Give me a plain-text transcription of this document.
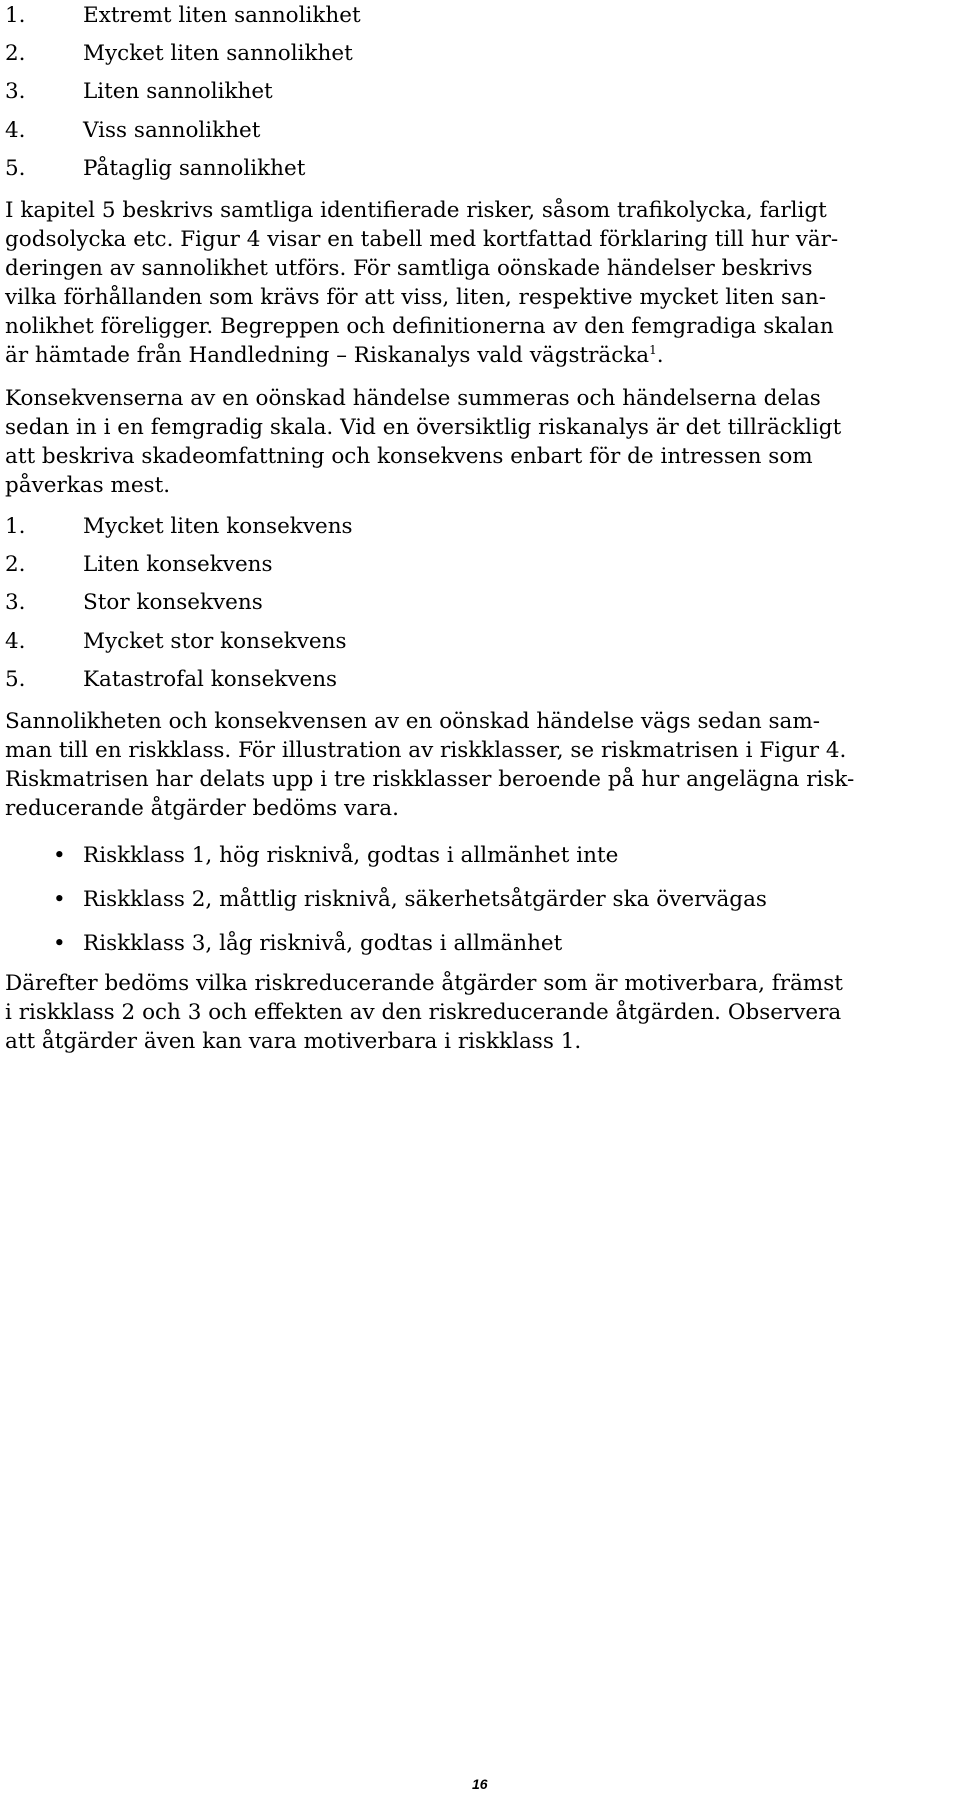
1.	Extremt liten sannolikhet
2.	Mycket liten sannolikhet
3.	Liten sannolikhet
4.	Viss sannolikhet
5.	Påtaglig sannolikhet
I kapitel 5 beskrivs samtliga identifierade risker, såsom trafikolycka, farligt
godsolycka etc. Figur 4 visar en tabell med kortfattad förklaring till hur vär-
deringen av sannolikhet utförs. För samtliga oönskade händelser beskrivs
vilka förhållanden som krävs för att viss, liten, respektive mycket liten san-
nolikhet föreligger. Begreppen och definitionerna av den femgradiga skalan
är hämtade från Handledning – Riskanalys vald vägsträcka$^1$.
Konsekvenserna av en oönskad händelse summeras och händelserna delas
sedan in i en femgradig skala. Vid en översiktlig riskanalys är det tillräckligt
att beskriva skadeomfattning och konsekvens enbart för de intressen som
påverkas mest.
1.	Mycket liten konsekvens
2.	Liten konsekvens
3.	Stor konsekvens
4.	Mycket stor konsekvens
5.	Katastrofal konsekvens
Sannolikheten och konsekvensen av en oönskad händelse vägs sedan sam-
man till en riskklass. För illustration av riskklasser, se riskmatrisen i Figur 4.
Riskmatrisen har delats upp i tre riskklasser beroende på hur angelägna risk-
reducerande åtgärder bedöms vara.
• Riskklass 1, hög risknivå, godtas i allmänhet inte
• Riskklass 2, måttlig risknivå, säkerhetsåtgärder ska övervägas
• Riskklass 3, låg risknivå, godtas i allmänhet
Därefter bedöms vilka riskreducerande åtgärder som är motiverbara, främst
i riskklass 2 och 3 och effekten av den riskreducerande åtgärden. Observera
att åtgärder även kan vara motiverbara i riskklass 1.
16
